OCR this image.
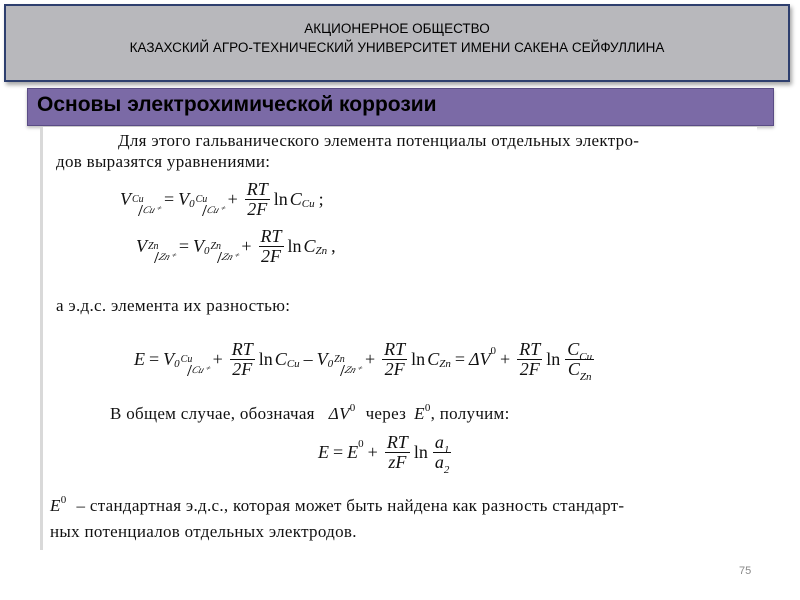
АКЦИОНЕРНОЕ ОБЩЕСТВО
КАЗАХСКИЙ АГРО-ТЕХНИЧЕСКИЙ УНИВЕРСИТЕТ ИМЕНИ САКЕНА СЕЙФУЛЛИНА
Основы электрохимической коррозии
Для этого гальванического элемента потенциалы отдельных электро-
дов выразятся уравнениями:
V Cu
Cu⁺
= V 0 Cu
Cu⁺
+ $\frac{RT}{2F}$ ln C Cu ;
V Zn
Zn⁺
= V 0 Zn
Zn⁺
+ $\frac{RT}{2F}$ ln C Zn ,
а э.д.с. элемента их разностью:
E = V 0 Cu
Cu⁺
+ $\frac{RT}{2F}$ ln C Cu – V 0 Zn
Zn⁺
+ $\frac{RT}{2F}$ ln C Zn = ΔV $0 + \frac{RT}{2F}$ $\ln \frac{C_{Cu}}{C_{Zn}}$
В общем случае, обозначая $\Delta V^0$ через $E^0$ , получим:
E = E $0 + \frac{RT}{zF}$ $\ln \frac{a_1}{a_2}$
$E^0$ – стандартная э.д.с., которая может быть найдена как разность стандарт-
ных потенциалов отдельных электродов.
75
